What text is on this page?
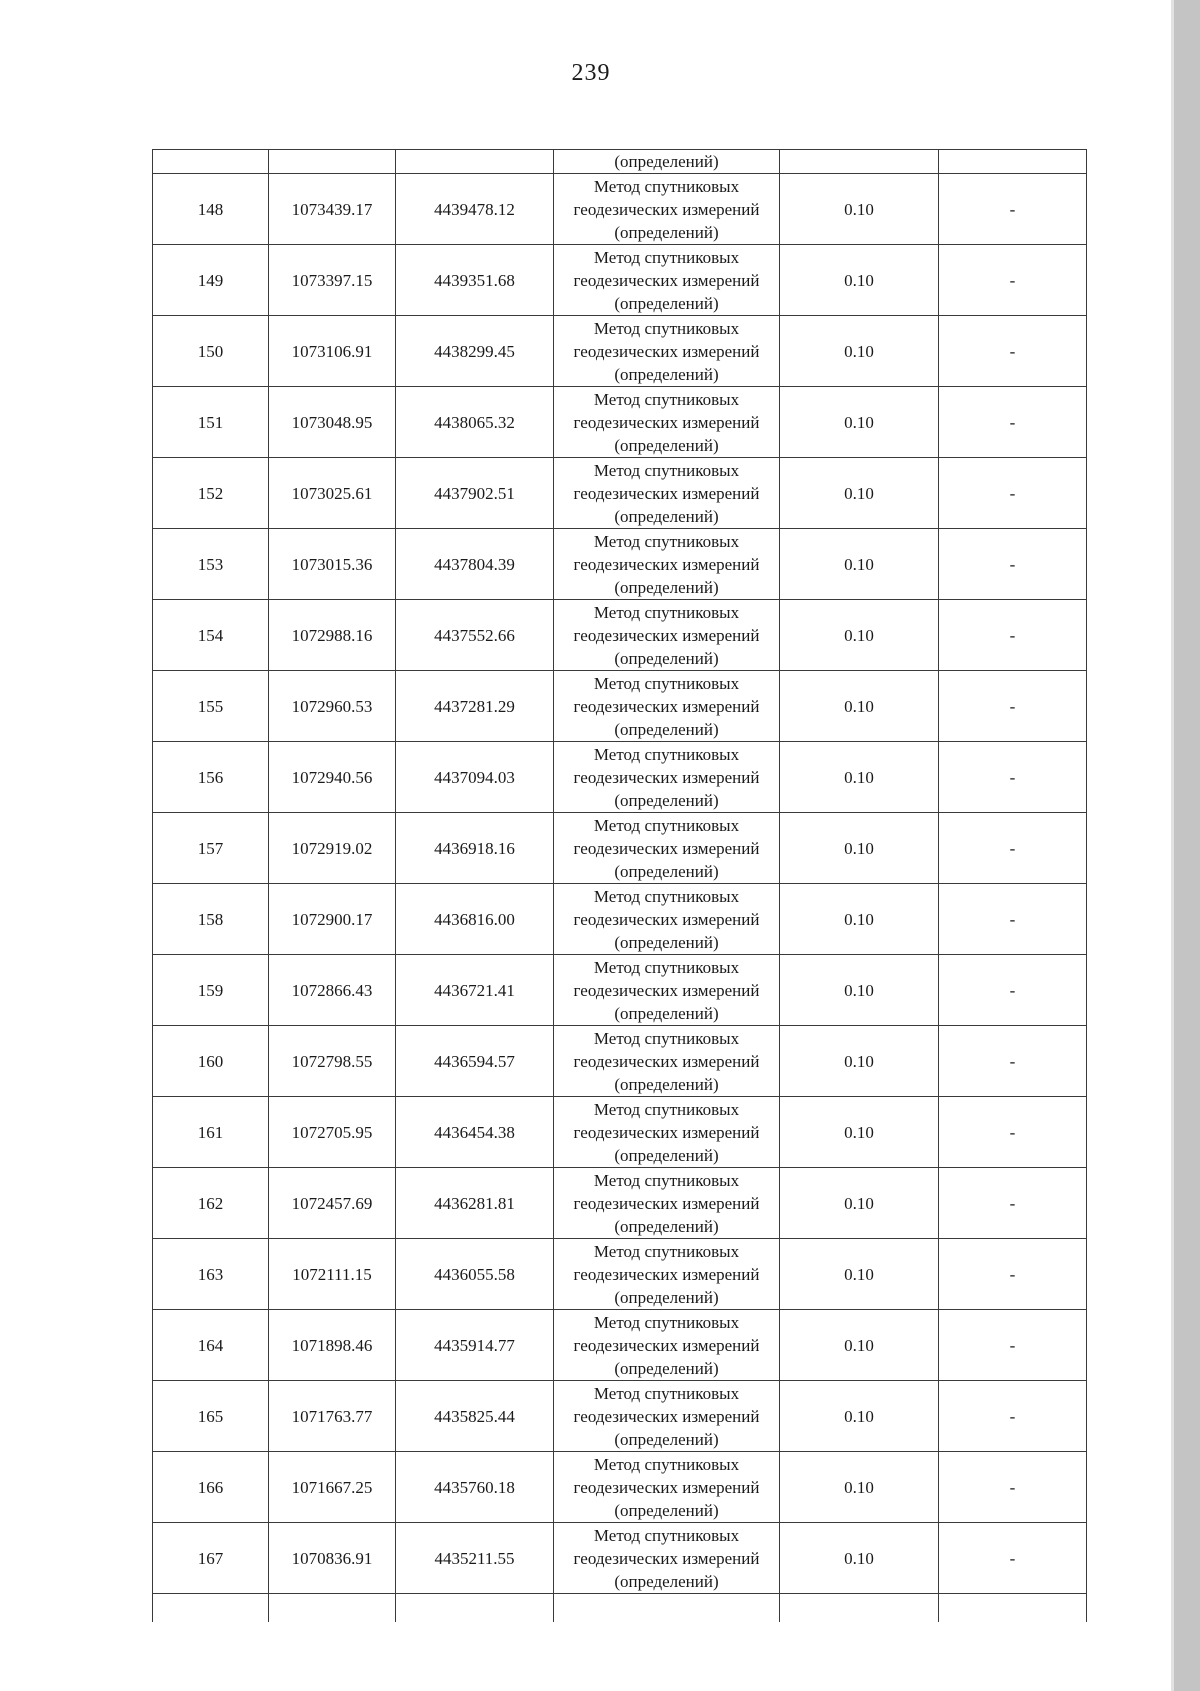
239

			(определений)		

148	1073439.17	4439478.12	Метод спутниковых
геодезических измерений
(определений)	0.10	-
149	1073397.15	4439351.68	Метод спутниковых
геодезических измерений
(определений)	0.10	-
150	1073106.91	4438299.45	Метод спутниковых
геодезических измерений
(определений)	0.10	-
151	1073048.95	4438065.32	Метод спутниковых
геодезических измерений
(определений)	0.10	-
152	1073025.61	4437902.51	Метод спутниковых
геодезических измерений
(определений)	0.10	-
153	1073015.36	4437804.39	Метод спутниковых
геодезических измерений
(определений)	0.10	-
154	1072988.16	4437552.66	Метод спутниковых
геодезических измерений
(определений)	0.10	-
155	1072960.53	4437281.29	Метод спутниковых
геодезических измерений
(определений)	0.10	-
156	1072940.56	4437094.03	Метод спутниковых
геодезических измерений
(определений)	0.10	-
157	1072919.02	4436918.16	Метод спутниковых
геодезических измерений
(определений)	0.10	-
158	1072900.17	4436816.00	Метод спутниковых
геодезических измерений
(определений)	0.10	-
159	1072866.43	4436721.41	Метод спутниковых
геодезических измерений
(определений)	0.10	-
160	1072798.55	4436594.57	Метод спутниковых
геодезических измерений
(определений)	0.10	-
161	1072705.95	4436454.38	Метод спутниковых
геодезических измерений
(определений)	0.10	-
162	1072457.69	4436281.81	Метод спутниковых
геодезических измерений
(определений)	0.10	-
163	1072111.15	4436055.58	Метод спутниковых
геодезических измерений
(определений)	0.10	-
164	1071898.46	4435914.77	Метод спутниковых
геодезических измерений
(определений)	0.10	-
165	1071763.77	4435825.44	Метод спутниковых
геодезических измерений
(определений)	0.10	-
166	1071667.25	4435760.18	Метод спутниковых
геодезических измерений
(определений)	0.10	-
167	1070836.91	4435211.55	Метод спутниковых
геодезических измерений
(определений)	0.10	-
